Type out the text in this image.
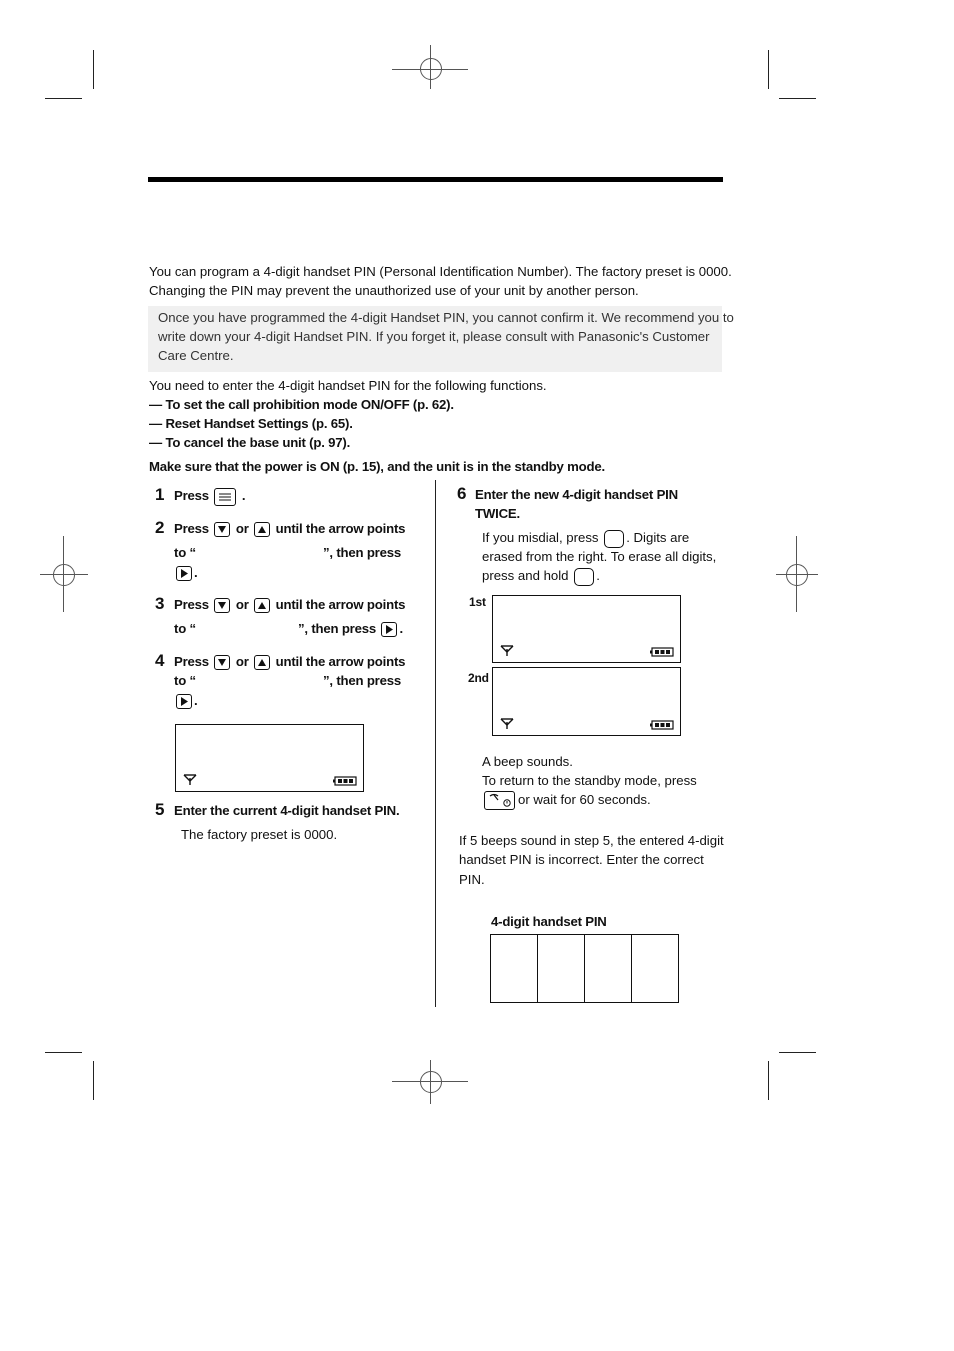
You can program a 4-digit handset PIN (Personal Identification Number). The factory preset is 0000.
Changing the PIN may prevent the unauthorized use of your unit by another person.
Once you have programmed the 4-digit Handset PIN, you cannot confirm it. We recommend you to
write down your 4-digit Handset PIN. If you forget it, please consult with Panasonic's Customer
Care Centre.
You need to enter the 4-digit handset PIN for the following functions.
— To set the call prohibition mode ON/OFF (p. 62).
— Reset Handset Settings (p. 65).
— To cancel the base unit (p. 97).
Make sure that the power is ON (p. 15), and the unit is in the standby mode.
1 Press .
2 Press or until the arrow points
to “	”, then press
.
3 Press or until the arrow points
to “	”, then press .
4 Press or until the arrow points
to “	”, then press
.
5 Enter the current 4-digit handset PIN.
The factory preset is 0000.
6 Enter the new 4-digit handset PIN
TWICE.
If you misdial, press . Digits are
erased from the right. To erase all digits,
press and hold .
1st
2nd
A beep sounds.
To return to the standby mode, press
or wait for 60 seconds.
If 5 beeps sound in step 5, the entered 4-digit
handset PIN is incorrect. Enter the correct
PIN.
4-digit handset PIN
